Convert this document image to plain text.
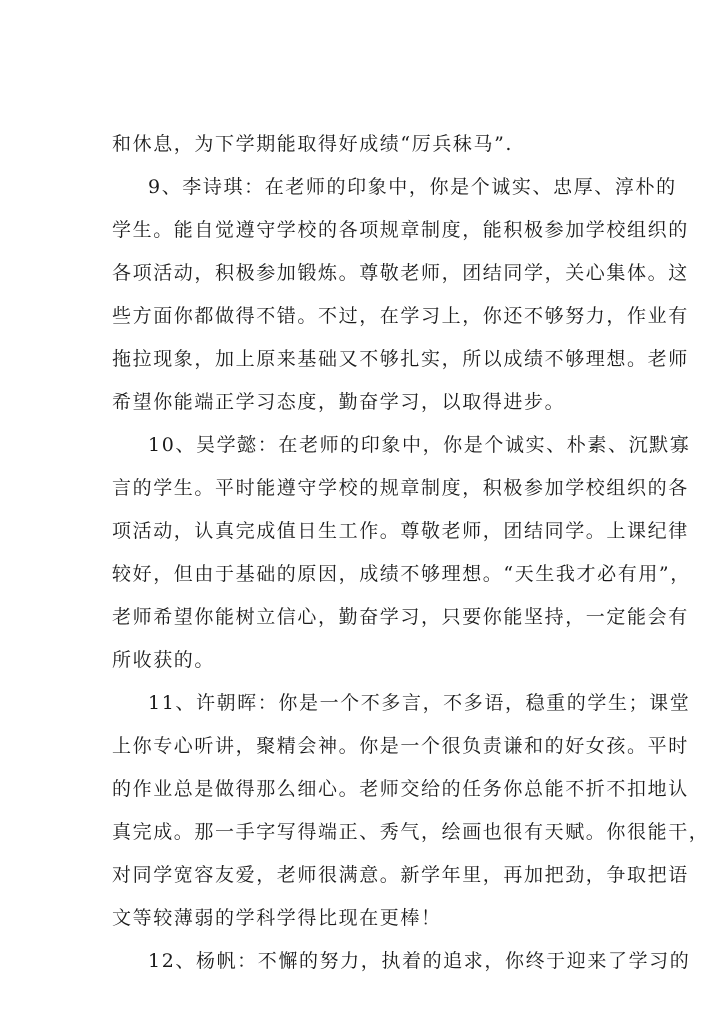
和休息，为下学期能取得好成绩“厉兵秣马”.
9、李诗琪：在老师的印象中，你是个诚实、忠厚、淳朴的
学生。能自觉遵守学校的各项规章制度，能积极参加学校组织的
各项活动，积极参加锻炼。尊敬老师，团结同学，关心集体。这
些方面你都做得不错。不过，在学习上，你还不够努力，作业有
拖拉现象，加上原来基础又不够扎实，所以成绩不够理想。老师
希望你能端正学习态度，勤奋学习，以取得进步。
10、吴学懿：在老师的印象中，你是个诚实、朴素、沉默寡
言的学生。平时能遵守学校的规章制度，积极参加学校组织的各
项活动，认真完成值日生工作。尊敬老师，团结同学。上课纪律
较好，但由于基础的原因，成绩不够理想。“天生我才必有用”，
老师希望你能树立信心，勤奋学习，只要你能坚持，一定能会有
所收获的。
11、许朝晖：你是一个不多言，不多语，稳重的学生；课堂
上你专心听讲，聚精会神。你是一个很负责谦和的好女孩。平时
的作业总是做得那么细心。老师交给的任务你总能不折不扣地认
真完成。那一手字写得端正、秀气，绘画也很有天赋。你很能干，
对同学宽容友爱，老师很满意。新学年里，再加把劲，争取把语
文等较薄弱的学科学得比现在更棒！
12、杨帆：不懈的努力，执着的追求，你终于迎来了学习的
